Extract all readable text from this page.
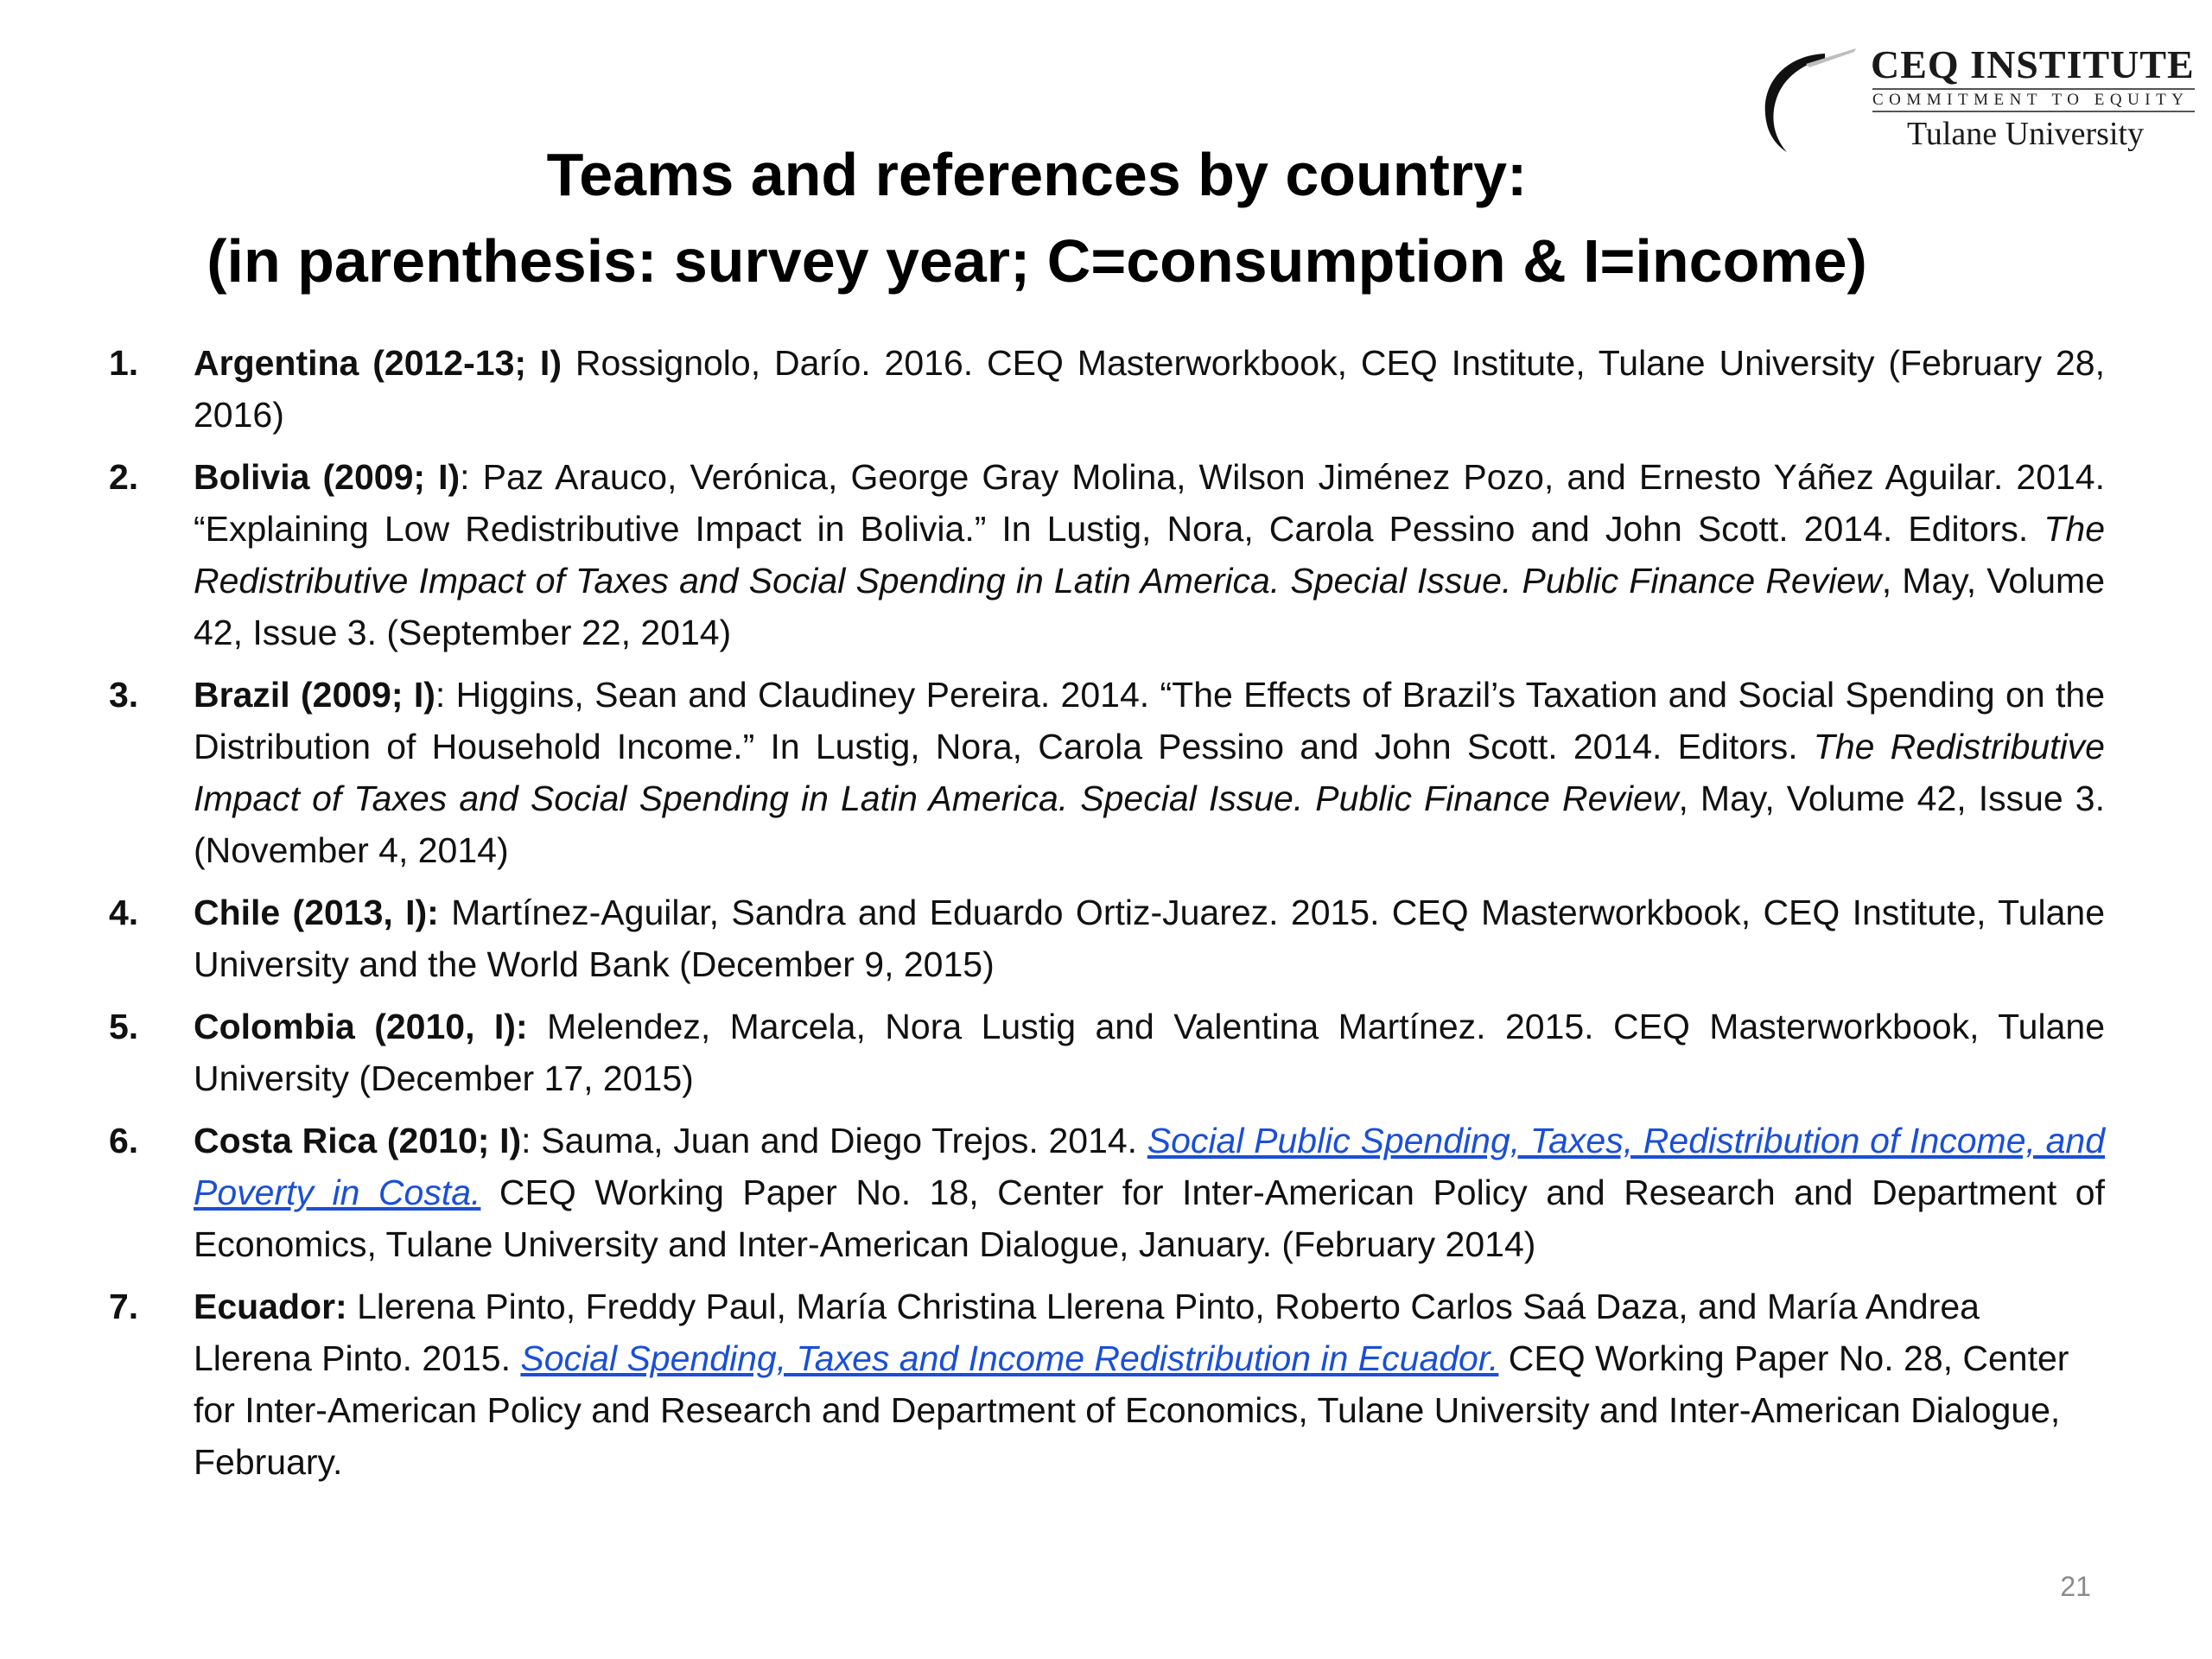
CEQ INSTITUTE
COMMITMENT TO EQUITY
Tulane University
Teams and references by country:
(in parenthesis: survey year; C=consumption & I=income)
1. Argentina (2012-13; I) Rossignolo, Darío. 2016. CEQ Masterworkbook, CEQ Institute, Tulane University (February 28, 2016)
2. Bolivia (2009; I): Paz Arauco, Verónica, George Gray Molina, Wilson Jiménez Pozo, and Ernesto Yáñez Aguilar. 2014. “Explaining Low Redistributive Impact in Bolivia.” In Lustig, Nora, Carola Pessino and John Scott. 2014. Editors. The Redistributive Impact of Taxes and Social Spending in Latin America. Special Issue. Public Finance Review, May, Volume 42, Issue 3. (September 22, 2014)
3. Brazil (2009; I): Higgins, Sean and Claudiney Pereira. 2014. “The Effects of Brazil’s Taxation and Social Spending on the Distribution of Household Income.” In Lustig, Nora, Carola Pessino and John Scott. 2014. Editors. The Redistributive Impact of Taxes and Social Spending in Latin America. Special Issue. Public Finance Review, May, Volume 42, Issue 3. (November 4, 2014)
4. Chile (2013, I): Martínez-Aguilar, Sandra and Eduardo Ortiz-Juarez. 2015. CEQ Masterworkbook, CEQ Institute, Tulane University and the World Bank (December 9, 2015)
5. Colombia (2010, I): Melendez, Marcela, Nora Lustig and Valentina Martínez. 2015. CEQ Masterworkbook, Tulane University (December 17, 2015)
6. Costa Rica (2010; I): Sauma, Juan and Diego Trejos. 2014. Social Public Spending, Taxes, Redistribution of Income, and Poverty in Costa. CEQ Working Paper No. 18, Center for Inter-American Policy and Research and Department of Economics, Tulane University and Inter-American Dialogue, January. (February 2014)
7. Ecuador: Llerena Pinto, Freddy Paul, María Christina Llerena Pinto, Roberto Carlos Saá Daza, and María Andrea Llerena Pinto. 2015. Social Spending, Taxes and Income Redistribution in Ecuador. CEQ Working Paper No. 28, Center for Inter-American Policy and Research and Department of Economics, Tulane University and Inter-American Dialogue, February.
21
